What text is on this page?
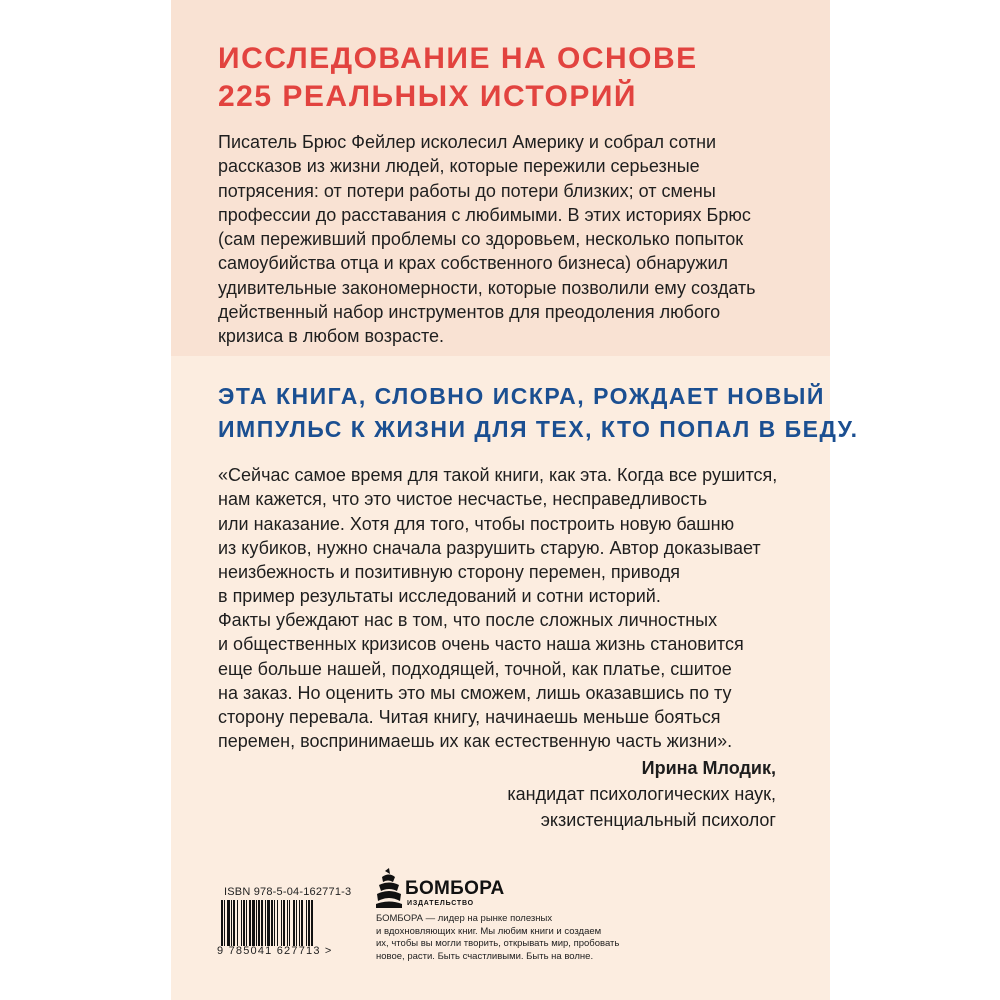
ИССЛЕДОВАНИЕ НА ОСНОВЕ
225 РЕАЛЬНЫХ ИСТОРИЙ

Писатель Брюс Фейлер исколесил Америку и собрал сотни
рассказов из жизни людей, которые пережили серьезные
потрясения: от потери работы до потери близких; от смены
профессии до расставания с любимыми. В этих историях Брюс
(сам переживший проблемы со здоровьем, несколько попыток
самоубийства отца и крах собственного бизнеса) обнаружил
удивительные закономерности, которые позволили ему создать
действенный набор инструментов для преодоления любого
кризиса в любом возрасте.

ЭТА КНИГА, СЛОВНО ИСКРА, РОЖДАЕТ НОВЫЙ
ИМПУЛЬС К ЖИЗНИ ДЛЯ ТЕХ, КТО ПОПАЛ В БЕДУ.

«Сейчас самое время для такой книги, как эта. Когда все рушится,
нам кажется, что это чистое несчастье, несправедливость
или наказание. Хотя для того, чтобы построить новую башню
из кубиков, нужно сначала разрушить старую. Автор доказывает
неизбежность и позитивную сторону перемен, приводя
в пример результаты исследований и сотни историй.

Факты убеждают нас в том, что после сложных личностных
и общественных кризисов очень часто наша жизнь становится
еще больше нашей, подходящей, точной, как платье, сшитое
на заказ. Но оценить это мы сможем, лишь оказавшись по ту
сторону перевала. Читая книгу, начинаешь меньше бояться
перемен, воспринимаешь их как естественную часть жизни».

Ирина Млодик,
кандидат психологических наук,
экзистенциальный психолог

ISBN 978-5-04-162771-3
9 785041 627713 >
БОМБОРА
ИЗДАТЕЛЬСТВО

БОМБОРА — лидер на рынке полезных
и вдохновляющих книг. Мы любим книги и создаем
их, чтобы вы могли творить, открывать мир, пробовать
новое, расти. Быть счастливыми. Быть на волне.
